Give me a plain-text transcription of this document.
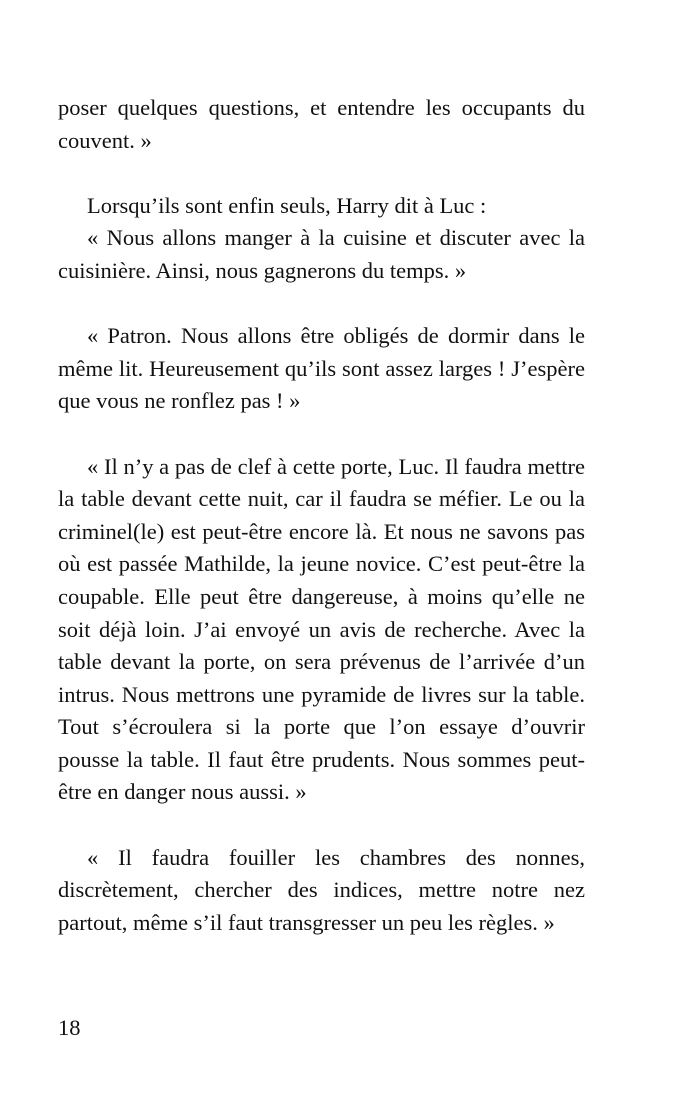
poser quelques questions, et entendre les occupants du couvent. »

Lorsqu’ils sont enfin seuls, Harry dit à Luc :

« Nous allons manger à la cuisine et discuter avec la cuisinière. Ainsi, nous gagnerons du temps. »

« Patron. Nous allons être obligés de dormir dans le même lit. Heureusement qu’ils sont assez larges ! J’espère que vous ne ronflez pas ! »

« Il n’y a pas de clef à cette porte, Luc. Il faudra mettre la table devant cette nuit, car il faudra se méfier. Le ou la criminel(le) est peut-être encore là. Et nous ne savons pas où est passée Mathilde, la jeune novice. C’est peut-être la coupable. Elle peut être dangereuse, à moins qu’elle ne soit déjà loin. J’ai envoyé un avis de recherche. Avec la table devant la porte, on sera prévenus de l’arrivée d’un intrus. Nous mettrons une pyramide de livres sur la table. Tout s’écroulera si la porte que l’on essaye d’ouvrir pousse la table. Il faut être prudents. Nous sommes peut-être en danger nous aussi. »

« Il faudra fouiller les chambres des nonnes, discrètement, chercher des indices, mettre notre nez partout, même s’il faut transgresser un peu les règles. »

18
